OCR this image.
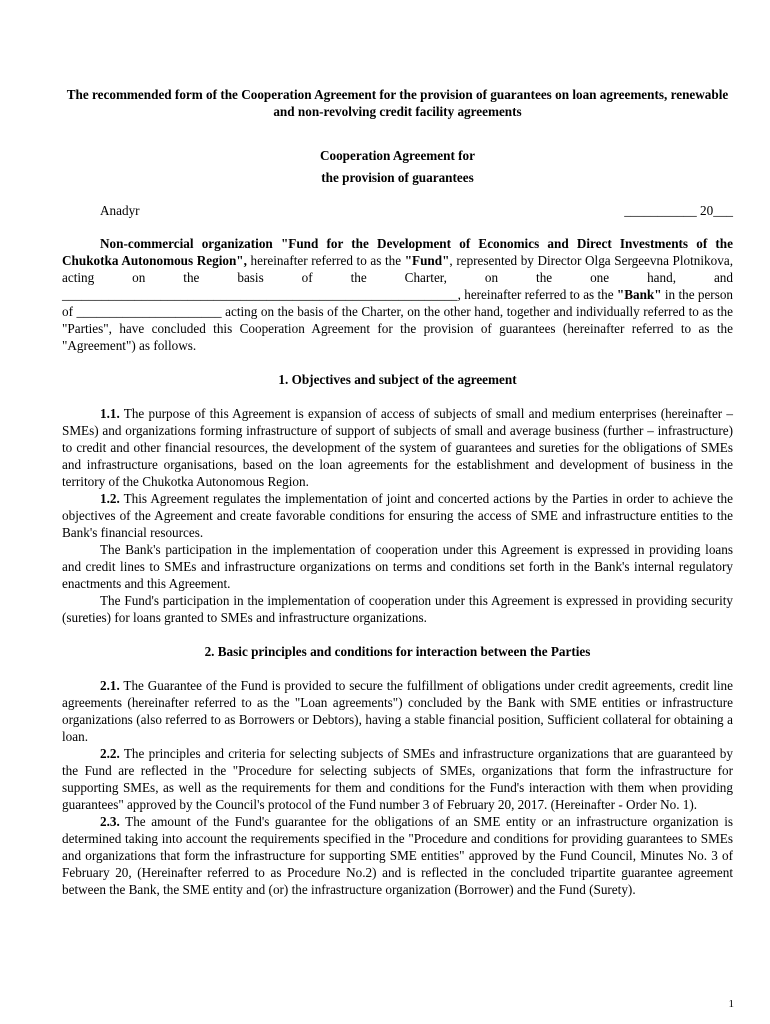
The recommended form of the Cooperation Agreement for the provision of guarantees on loan agreements, renewable and non-revolving credit facility agreements

Cooperation Agreement for

the provision of guarantees

Anadyr	___________ 20___

Non-commercial organization "Fund for the Development of Economics and Direct Investments of the Chukotka Autonomous Region", hereinafter referred to as the "Fund", represented by Director Olga Sergeevna Plotnikova, acting on the basis of the Charter, on the one hand, and ____________________________________________________________, hereinafter referred to as the "Bank" in the person of ______________________ acting on the basis of the Charter, on the other hand, together and individually referred to as the "Parties", have concluded this Cooperation Agreement for the provision of guarantees (hereinafter referred to as the "Agreement") as follows.

1. Objectives and subject of the agreement

1.1. The purpose of this Agreement is expansion of access of subjects of small and medium enterprises (hereinafter – SMEs) and organizations forming infrastructure of support of subjects of small and average business (further – infrastructure) to credit and other financial resources, the development of the system of guarantees and sureties for the obligations of SMEs and infrastructure organisations, based on the loan agreements for the establishment and development of business in the territory of the Chukotka Autonomous Region.

1.2. This Agreement regulates the implementation of joint and concerted actions by the Parties in order to achieve the objectives of the Agreement and create favorable conditions for ensuring the access of SME and infrastructure entities to the Bank's financial resources.

The Bank's participation in the implementation of cooperation under this Agreement is expressed in providing loans and credit lines to SMEs and infrastructure organizations on terms and conditions set forth in the Bank's internal regulatory enactments and this Agreement.

The Fund's participation in the implementation of cooperation under this Agreement is expressed in providing security (sureties) for loans granted to SMEs and infrastructure organizations.

2. Basic principles and conditions for interaction between the Parties

2.1. The Guarantee of the Fund is provided to secure the fulfillment of obligations under credit agreements, credit line agreements (hereinafter referred to as the "Loan agreements") concluded by the Bank with SME entities or infrastructure organizations (also referred to as Borrowers or Debtors), having a stable financial position, Sufficient collateral for obtaining a loan.

2.2. The principles and criteria for selecting subjects of SMEs and infrastructure organizations that are guaranteed by the Fund are reflected in the "Procedure for selecting subjects of SMEs, organizations that form the infrastructure for supporting SMEs, as well as the requirements for them and conditions for the Fund's interaction with them when providing guarantees" approved by the Council's protocol of the Fund number 3 of February 20, 2017. (Hereinafter - Order No. 1).

2.3. The amount of the Fund's guarantee for the obligations of an SME entity or an infrastructure organization is determined taking into account the requirements specified in the "Procedure and conditions for providing guarantees to SMEs and organizations that form the infrastructure for supporting SME entities" approved by the Fund Council, Minutes No. 3 of February 20, (Hereinafter referred to as Procedure No.2) and is reflected in the concluded tripartite guarantee agreement between the Bank, the SME entity and (or) the infrastructure organization (Borrower) and the Fund (Surety).

1
